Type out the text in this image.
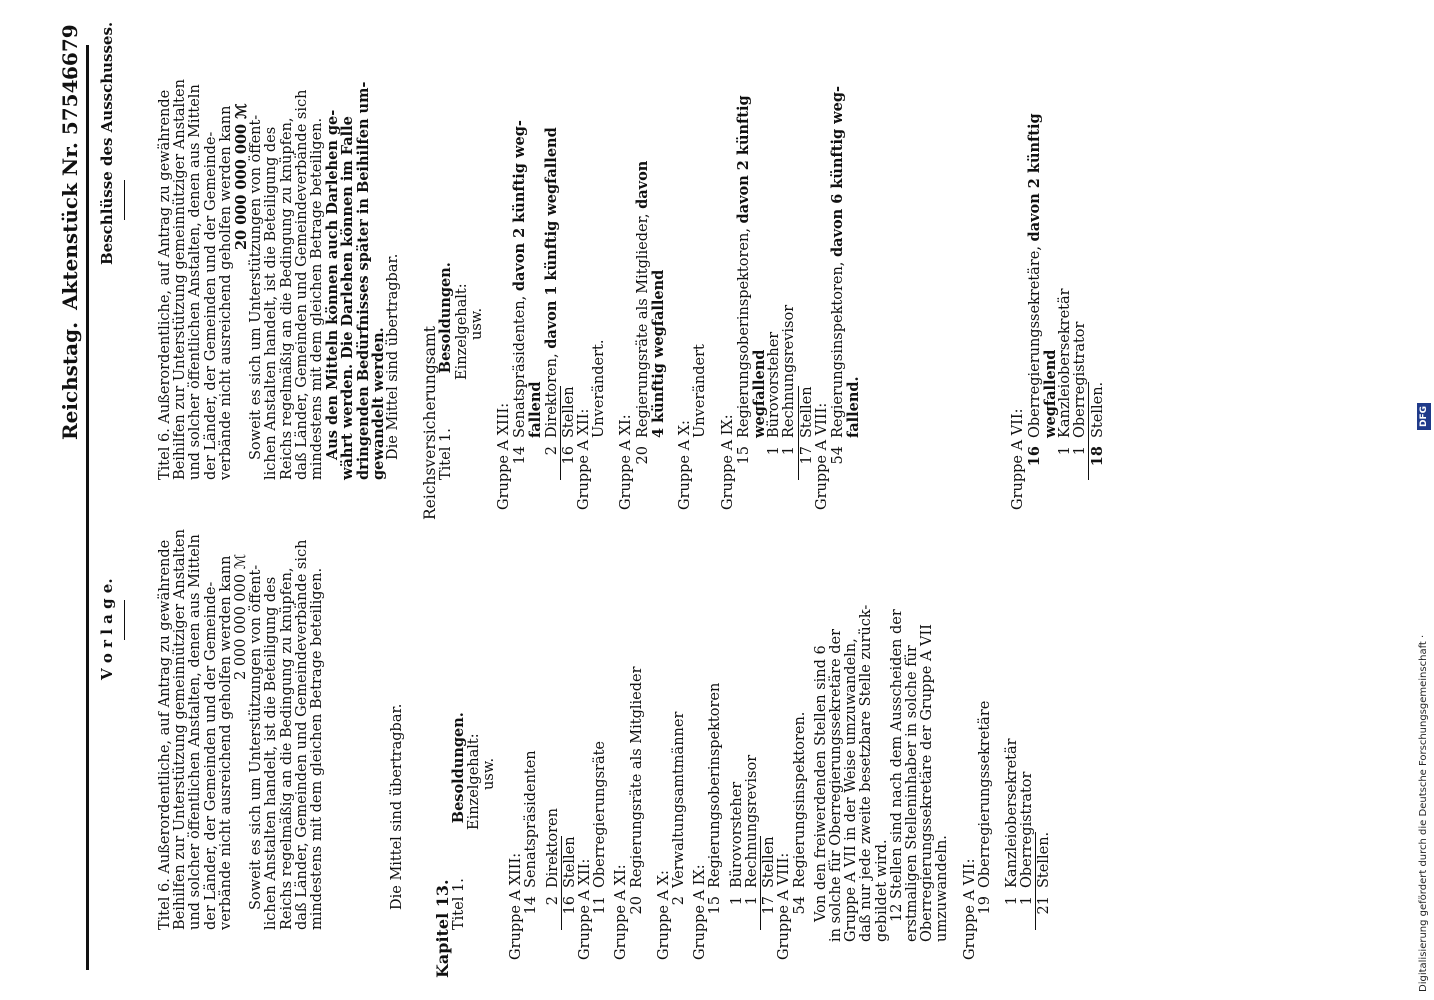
Reichstag.
Aktenstück Nr. 5754.
6679
V o r l a g e.
Beschlüsse des Ausschusses.
Titel 6. Außerordentliche, auf Antrag zu gewährende Beihilfen zur Unterstützung gemeinnütziger Anstalten und solcher öffentlichen Anstalten, denen aus Mitteln der Länder, der Gemeinden und der Gemeinde- verbände nicht ausreichend geholfen werden kann 2 000 000 000 ℳ Soweit es sich um Unterstützungen von öffent- lichen Anstalten handelt, ist die Beteiligung des Reichs regelmäßig an die Bedingung zu knüpfen, daß Länder, Gemeinden und Gemeindeverbände sich mindestens mit dem gleichen Betrage beteiligen.	Die Mittel sind übertragbar.
Kapitel 13.
Titel 1.Besoldungen. Einzelgehalt: usw.
Gruppe A XIII: 14Senatspräsidenten
2Direktoren
16Stellen Gruppe A XII: 11Oberregierungsräte
Gruppe A XI: 20Regierungsräte als Mitglieder
Gruppe A X: 2Verwaltungsamtmänner
Gruppe A IX: 15Regierungsoberinspektoren
1Bürovorsteher
1Rechnungsrevisor
17Stellen Gruppe A VIII: 54Regierungsinspektoren. Von den freiwerdenden Stellen sind 6 in solche für Oberregierungssekretäre der Gruppe A VII in der Weise umzuwandeln, daß nur jede zweite besetzbare Stelle zurück- gebildet wird. 12 Stellen sind nach dem Ausscheiden der erstmaligen Stelleninhaber in solche für Oberregierungssekretäre der Gruppe A VII umzuwandeln. Gruppe A VII: 19Oberregierungssekretäre
1Kanzleiobersekretär
1Oberregistrator
21Stellen.
Titel 6. Außerordentliche, auf Antrag zu gewährende Beihilfen zur Unterstützung gemeinnütziger Anstalten und solcher öffentlichen Anstalten, denen aus Mitteln der Länder, der Gemeinden und der Gemeinde- verbände nicht ausreichend geholfen werden kann 20 000 000 000 ℳ
Soweit es sich um Unterstützungen von öffent- lichen Anstalten handelt, ist die Beteiligung des Reichs regelmäßig an die Bedingung zu knüpfen, daß Länder, Gemeinden und Gemeindeverbände sich mindestens mit dem gleichen Betrage beteiligen. Aus den Mitteln können auch Darlehen ge-
währt werden. Die Darlehen können im Falle
dringenden Bedürfnisses später in Beihilfen um-
gewandelt werden.
Die Mittel sind übertragbar. Reichsversicherungsamt Titel 1.Besoldungen. Einzelgehalt: usw.
Gruppe A XIII: 14Senatspräsidenten, davon 2 künftig weg-
fallend
2Direktoren, davon 1 künftig wegfallend
16Stellen Gruppe A XII:
Unverändert.
Gruppe A XI: 20Regierungsräte als Mitglieder, davon
4 künftig wegfallend
Gruppe A X:
Unverändert
Gruppe A IX: 15Regierungsoberinspektoren, davon 2 künftig
wegfallend
1Bürovorsteher
1Rechnungsrevisor
17Stellen Gruppe A VIII: 54Regierungsinspektoren, davon 6 künftig weg-
fallend.
Gruppe A VII: 16Oberregierungssekretäre, davon 2 künftig
wegfallend
1Kanzleiobersekretär
1Oberregistrator
18Stellen.
Digitalisierung gefördert durch die Deutsche Forschungsgemeinschaft ·
DFG
